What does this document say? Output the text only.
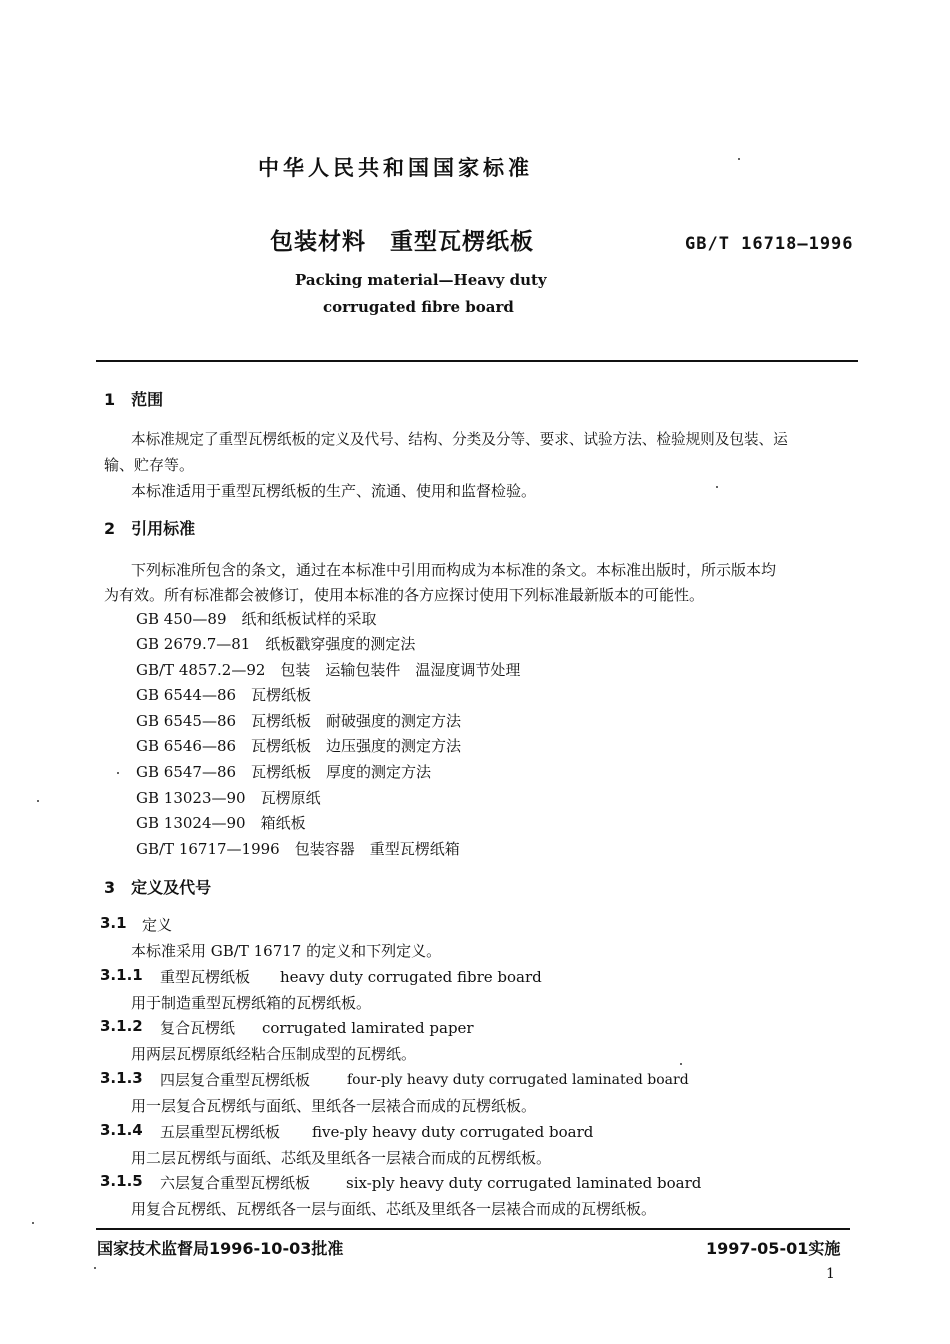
中华人民共和国国家标准
包装材料　重型瓦楞纸板	GB/T 16718—1996
Packing material—Heavy duty
corrugated fibre board
1　范围
本标准规定了重型瓦楞纸板的定义及代号、结构、分类及分等、要求、试验方法、检验规则及包装、运
输、贮存等。
本标准适用于重型瓦楞纸板的生产、流通、使用和监督检验。
2　引用标准
下列标准所包含的条文，通过在本标准中引用而构成为本标准的条文。本标准出版时，所示版本均
为有效。所有标准都会被修订，使用本标准的各方应探讨使用下列标准最新版本的可能性。
GB 450—89　纸和纸板试样的采取
GB 2679.7—81　纸板戳穿强度的测定法
GB/T 4857.2—92　包装　运输包装件　温湿度调节处理
GB 6544—86　瓦楞纸板
GB 6545—86　瓦楞纸板　耐破强度的测定方法
GB 6546—86　瓦楞纸板　边压强度的测定方法
GB 6547—86　瓦楞纸板　厚度的测定方法
GB 13023—90　瓦楞原纸
GB 13024—90　箱纸板
GB/T 16717—1996　包装容器　重型瓦楞纸箱
3　定义及代号
3.1 定义
本标准采用 GB/T 16717 的定义和下列定义。
3.1.1 重型瓦楞纸板 heavy duty corrugated fibre board
用于制造重型瓦楞纸箱的瓦楞纸板。
3.1.2 复合瓦楞纸 corrugated lamirated paper
用两层瓦楞原纸经粘合压制成型的瓦楞纸。
3.1.3 四层复合重型瓦楞纸板	four-ply heavy duty corrugated laminated board
用一层复合瓦楞纸与面纸、里纸各一层裱合而成的瓦楞纸板。
3.1.4 五层重型瓦楞纸板 five-ply heavy duty corrugated board
用二层瓦楞纸与面纸、芯纸及里纸各一层裱合而成的瓦楞纸板。
3.1.5 六层复合重型瓦楞纸板 six-ply heavy duty corrugated laminated board
用复合瓦楞纸、瓦楞纸各一层与面纸、芯纸及里纸各一层裱合而成的瓦楞纸板。
国家技术监督局1996-10-03批准	1997-05-01实施
1
